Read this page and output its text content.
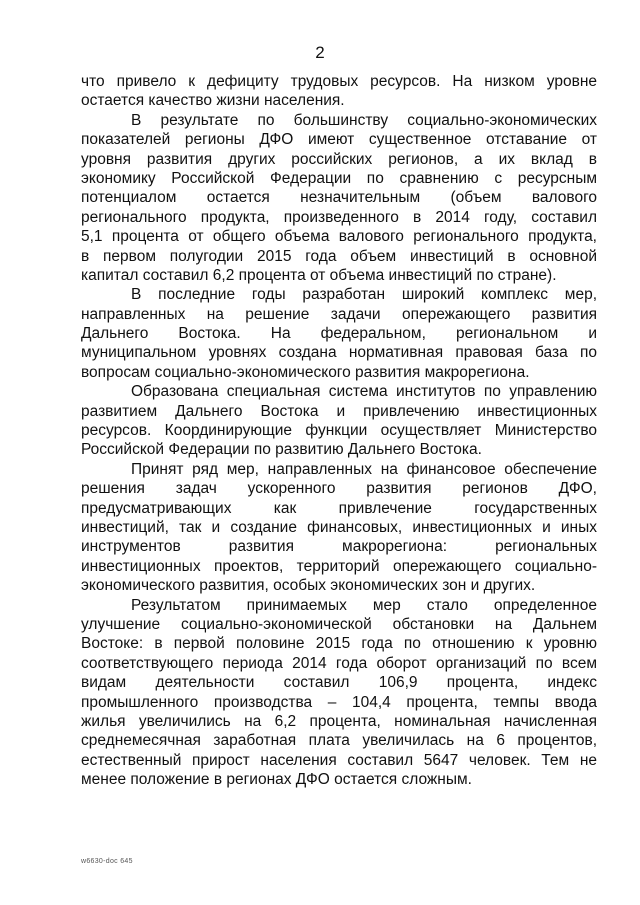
2
что привело к дефициту трудовых ресурсов. На низком уровне
остается качество жизни населения.
В результате по большинству социально-экономических
показателей регионы ДФО имеют существенное отставание от
уровня развития других российских регионов, а их вклад в
экономику Российской Федерации по сравнению с ресурсным
потенциалом остается незначительным (объем валового
регионального продукта, произведенного в 2014 году, составил
5,1 процента от общего объема валового регионального продукта,
в первом полугодии 2015 года объем инвестиций в основной
капитал составил 6,2 процента от объема инвестиций по стране).
В последние годы разработан широкий комплекс мер,
направленных на решение задачи опережающего развития
Дальнего Востока. На федеральном, региональном и
муниципальном уровнях создана нормативная правовая база по
вопросам социально-экономического развития макрорегиона.
Образована специальная система институтов по управлению
развитием Дальнего Востока и привлечению инвестиционных
ресурсов. Координирующие функции осуществляет Министерство
Российской Федерации по развитию Дальнего Востока.
Принят ряд мер, направленных на финансовое обеспечение
решения задач ускоренного развития регионов ДФО,
предусматривающих как привлечение государственных
инвестиций, так и создание финансовых, инвестиционных и иных
инструментов развития макрорегиона: региональных
инвестиционных проектов, территорий опережающего социально-
экономического развития, особых экономических зон и других.
Результатом принимаемых мер стало определенное
улучшение социально-экономической обстановки на Дальнем
Востоке: в первой половине 2015 года по отношению к уровню
соответствующего периода 2014 года оборот организаций по всем
видам деятельности составил 106,9 процента, индекс
промышленного производства – 104,4 процента, темпы ввода
жилья увеличились на 6,2 процента, номинальная начисленная
среднемесячная заработная плата увеличилась на 6 процентов,
естественный прирост населения составил 5647 человек. Тем не
менее положение в регионах ДФО остается сложным.
w6630-doc 645
